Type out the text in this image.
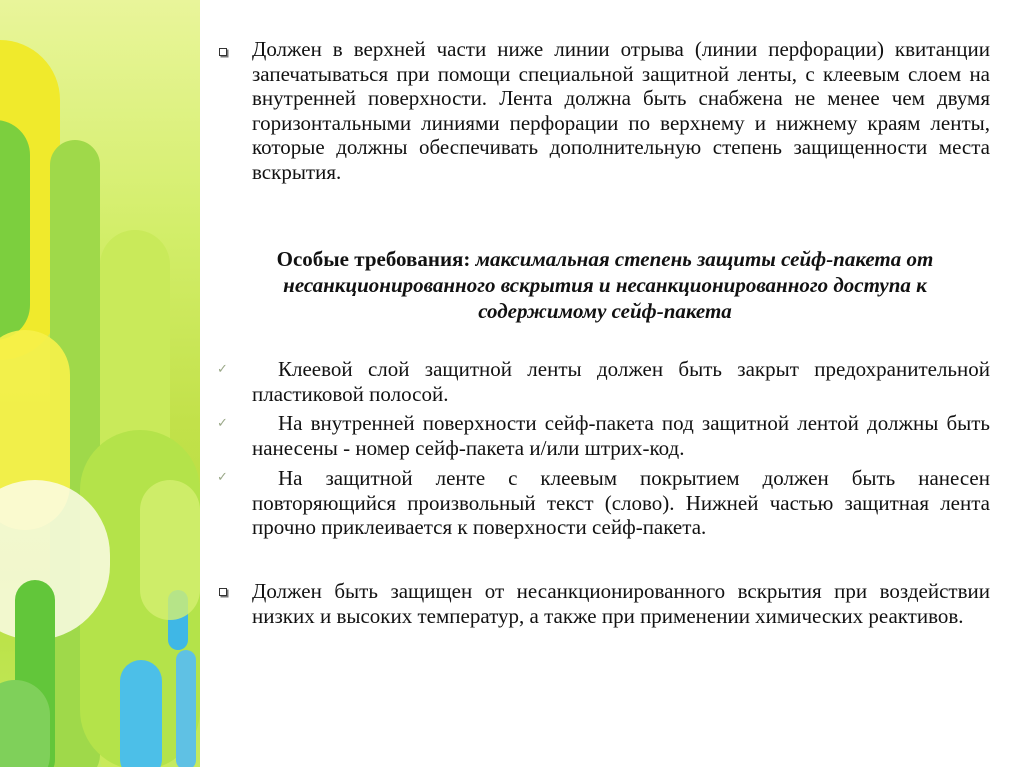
Должен в верхней части ниже линии отрыва (линии перфорации) квитанции запечатываться при помощи специальной защитной ленты, с клеевым слоем на внутренней поверхности. Лента должна быть снабжена не менее чем двумя горизонтальными линиями перфорации по верхнему и нижнему краям ленты, которые должны обеспечивать дополнительную степень защищенности места вскрытия.
Особые требования: максимальная степень защиты сейф-пакета от несанкционированного вскрытия и несанкционированного доступа к содержимому сейф-пакета
✓	Клеевой слой защитной ленты должен быть закрыт предохранительной пластиковой полосой.
✓	На внутренней поверхности сейф-пакета под защитной лентой должны быть нанесены - номер сейф-пакета и/или штрих-код.
✓	На защитной ленте с клеевым покрытием должен быть нанесен повторяющийся произвольный текст (слово). Нижней частью защитная лента прочно приклеивается к поверхности сейф-пакета.
Должен быть защищен от несанкционированного вскрытия при воздействии низких и высоких температур, а также при применении химических реактивов.
